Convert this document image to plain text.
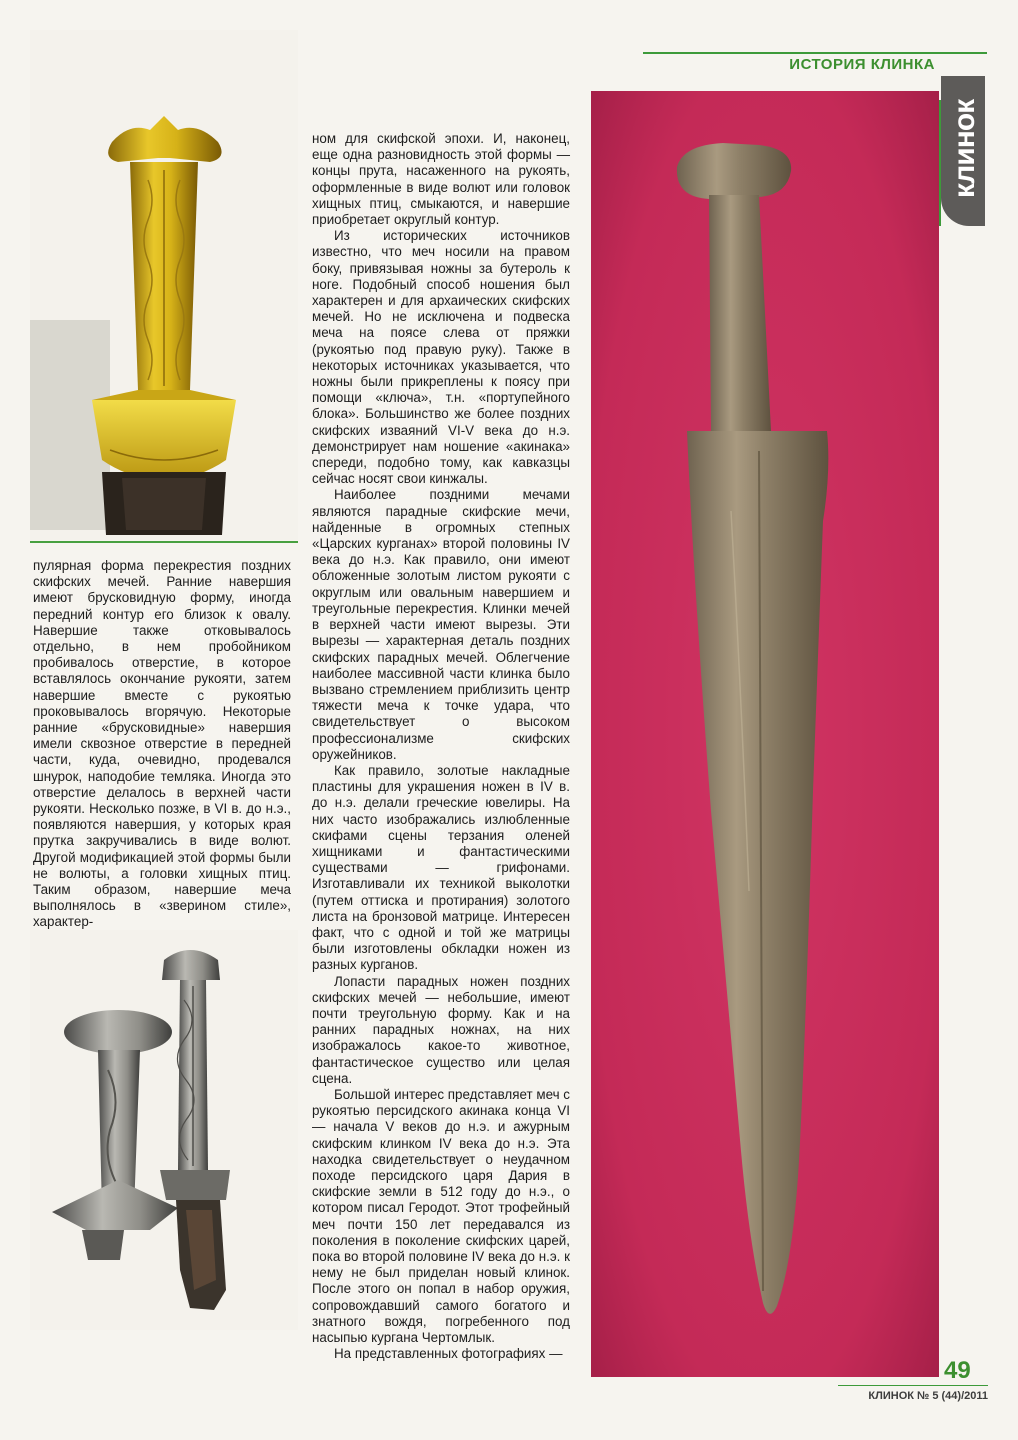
ИСТОРИЯ КЛИНКА
клинок

пулярная форма перекрестия поздних скифских мечей. Ранние навершия имеют брусковидную форму, иногда передний контур его близок к овалу. Навершие также отковывалось отдельно, в нем пробойником пробивалось отверстие, в которое вставлялось окончание рукояти, затем навершие вместе с рукоятью проковывалось вгорячую. Некоторые ранние «брусковидные» навершия имели сквозное отверстие в передней части, куда, очевидно, продевался шнурок, наподобие темляка. Иногда это отверстие делалось в верхней части рукояти. Несколько позже, в VI в. до н.э., появляются навершия, у которых края прутка закручивались в виде волют. Другой модификацией этой формы были не волюты, а головки хищных птиц. Таким образом, навершие меча выполнялось в «зверином стиле», характер-

ном для скифской эпохи. И, наконец, еще одна разновидность этой формы — концы прута, насаженного на рукоять, оформленные в виде волют или головок хищных птиц, смыкаются, и навершие приобретает округлый контур.

Из исторических источников известно, что меч носили на правом боку, привязывая ножны за бутероль к ноге. Подобный способ ношения был характерен и для архаических скифских мечей. Но не исключена и подвеска меча на поясе слева от пряжки (рукоятью под правую руку). Также в некоторых источниках указывается, что ножны были прикреплены к поясу при помощи «ключа», т.н. «портупейного блока». Большинство же более поздних скифских изваяний VI-V века до н.э. демонстрирует нам ношение «акинака» спереди, подобно тому, как кавказцы сейчас носят свои кинжалы.

Наиболее поздними мечами являются парадные скифские мечи, найденные в огромных степных «Царских курганах» второй половины IV века до н.э. Как правило, они имеют обложенные золотым листом рукояти с округлым или овальным навершием и треугольные перекрестия. Клинки мечей в верхней части имеют вырезы. Эти вырезы — характерная деталь поздних скифских парадных мечей. Облегчение наиболее массивной части клинка было вызвано стремлением приблизить центр тяжести меча к точке удара, что свидетельствует о высоком профессионализме скифских оружейников.

Как правило, золотые накладные пластины для украшения ножен в IV в. до н.э. делали греческие ювелиры. На них часто изображались излюбленные скифами сцены терзания оленей хищниками и фантастическими существами — грифонами. Изготавливали их техникой выколотки (путем оттиска и протирания) золотого листа на бронзовой матрице. Интересен факт, что с одной и той же матрицы были изготовлены обкладки ножен из разных курганов.

Лопасти парадных ножен поздних скифских мечей — небольшие, имеют почти треугольную форму. Как и на ранних парадных ножнах, на них изображалось какое-то животное, фантастическое существо или целая сцена.

Большой интерес представляет меч с рукоятью персидского акинака конца VI — начала V веков до н.э. и ажурным скифским клинком IV века до н.э. Эта находка свидетельствует о неудачном походе персидского царя Дария в скифские земли в 512 году до н.э., о котором писал Геродот. Этот трофейный меч почти 150 лет передавался из поколения в поколение скифских царей, пока во второй половине IV века до н.э. к нему не был приделан новый клинок. После этого он попал в набор оружия, сопровождавший самого богатого и знатного вождя, погребенного под насыпью кургана Чертомлык.

На представленных фотографиях —

49
КЛИНОК № 5 (44)/2011
